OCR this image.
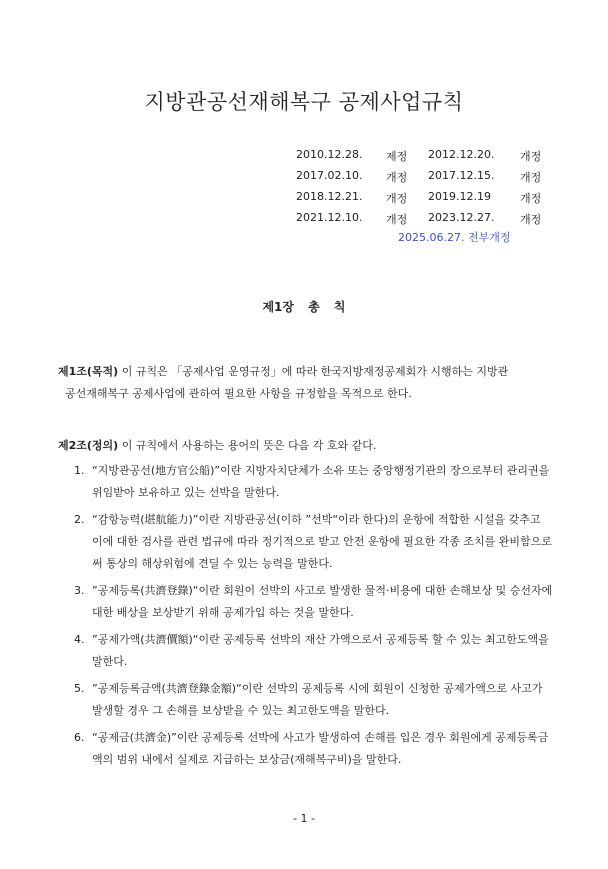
지방관공선재해복구 공제사업규칙
2010.12.28. 제정 2012.12.20. 개정
2017.02.10. 개정 2017.12.15. 개정
2018.12.21. 개정 2019.12.19	개정
2021.12.10. 개정 2023.12.27. 개정
2025.06.27. 전부개정
제1장 총 칙
제1조(목적) 이 규칙은 「공제사업 운영규정」에 따라 한국지방재정공제회가 시행하는 지방관
공선재해복구 공제사업에 관하여 필요한 사항을 규정함을 목적으로 한다.
제2조(정의) 이 규칙에서 사용하는 용어의 뜻은 다음 각 호와 같다.
1. “지방관공선(地方官公船)”이란 지방자치단체가 소유 또는 중앙행정기관의 장으로부터 관리권을 위임받아 보유하고 있는 선박을 말한다.
2. “감항능력(堪航能力)”이란 지방관공선(이하 ”선박“이라 한다)의 운항에 적합한 시설을 갖추고 이에 대한 검사를 관련 법규에 따라 정기적으로 받고 안전 운항에 필요한 각종 조치를 완비함으로써 통상의 해상위험에 견딜 수 있는 능력을 말한다.
3. ”공제등록(共濟登錄)“이란 회원이 선박의 사고로 발생한 물적·비용에 대한 손해보상 및 승선자에 대한 배상을 보상받기 위해 공제가입 하는 것을 말한다.
4. ”공제가액(共濟價額)“이란 공제등록 선박의 재산 가액으로서 공제등록 할 수 있는 최고한도액을 말한다.
5. ”공제등록금액(共濟登錄金額)“이란 선박의 공제등록 시에 회원이 신청한 공제가액으로 사고가 발생할 경우 그 손해를 보상받을 수 있는 최고한도액을 말한다.
6. “공제금(共濟金)”이란 공제등록 선박에 사고가 발생하여 손해를 입은 경우 회원에게 공제등록금액의 범위 내에서 실제로 지급하는 보상금(재해복구비)을 말한다.
- 1 -
